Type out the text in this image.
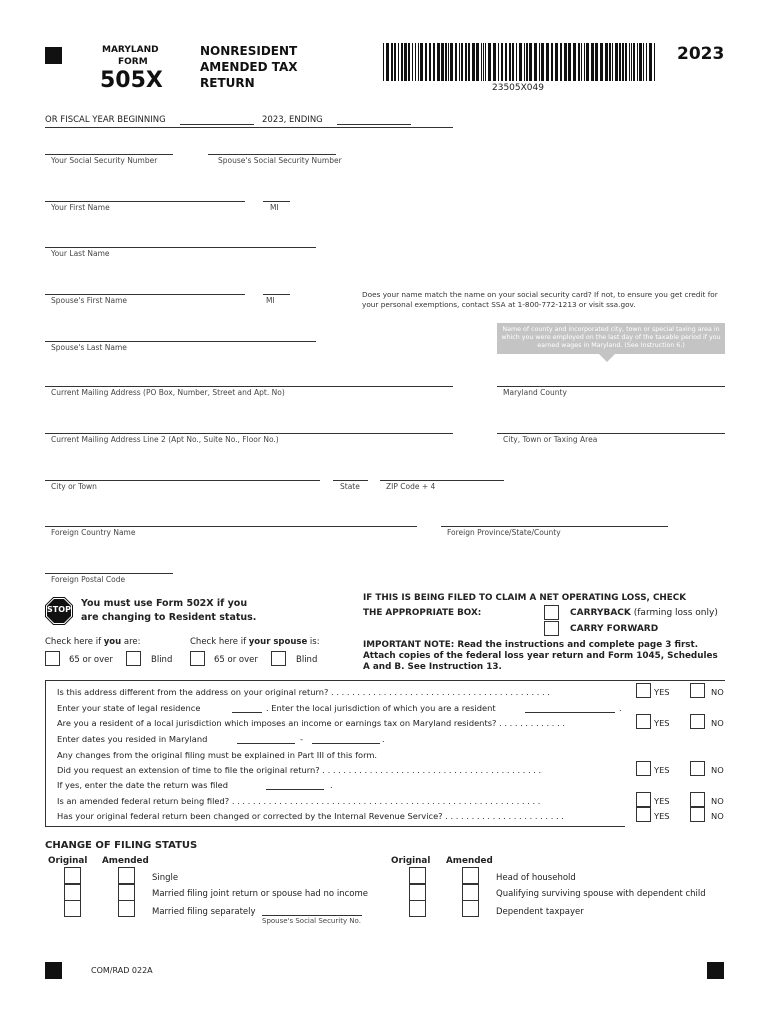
MARYLAND
FORM
505X
NONRESIDENT
AMENDED TAX
RETURN	23505X049
2023
OR FISCAL YEAR BEGINNING	2023, ENDING
Your Social Security Number	Spouse's Social Security Number
Your First Name	MI
Your Last Name
Spouse's First Name	MI
Does your name match the name on your social security card? If not, to ensure you get credit for your personal exemptions, contact SSA at 1-800-772-1213 or visit ssa.gov.
Spouse's Last Name
Name of county and incorporated city, town or special taxing area in which you were employed on the last day of the taxable period if you earned wages in Maryland. (See Instruction 6.)
Current Mailing Address (PO Box, Number, Street and Apt. No)	Maryland County
Current Mailing Address Line 2 (Apt No., Suite No., Floor No.)	City, Town or Taxing Area
City or Town	State	ZIP Code + 4
Foreign Country Name	Foreign Province/State/County
Foreign Postal Code
STOP
You must use Form 502X if you
are changing to Resident status.
IF THIS IS BEING FILED TO CLAIM A NET OPERATING LOSS, CHECK
THE APPROPRIATE BOX:	CARRYBACK (farming loss only)
CARRY FORWARD
IMPORTANT NOTE: Read the instructions and complete page 3 first.
Attach copies of the federal loss year return and Form 1045, Schedules
A and B. See Instruction 13.
Check here if you are:	Check here if your spouse is:
65 or over	Blind	65 or over	Blind
Is this address different from the address on your original return? . . . . . . . . . . . . . . . . . . . . . . . . . . . . . . . . . . . . . . . . . .	YES	NO
Enter your state of legal residence	. Enter the local jurisdiction of which you are a resident	.
Are you a resident of a local jurisdiction which imposes an income or earnings tax on Maryland residents? . . . . . . . . . . . . .	YES	NO
Enter dates you resided in Maryland	-	.
Any changes from the original filing must be explained in Part III of this form.
Did you request an extension of time to file the original return? . . . . . . . . . . . . . . . . . . . . . . . . . . . . . . . . . . . . . . . . . .	YES	NO
If yes, enter the date the return was filed	.
Is an amended federal return being filed? . . . . . . . . . . . . . . . . . . . . . . . . . . . . . . . . . . . . . . . . . . . . . . . . . . . . . . . . . . .	YES	NO
Has your original federal return been changed or corrected by the Internal Revenue Service? . . . . . . . . . . . . . . . . . . . . . . .	YES	NO
CHANGE OF FILING STATUS
Original Amended	Original Amended
Single
Married filing joint return or spouse had no income
Married filing separately
Spouse's Social Security No.
Head of household
Qualifying surviving spouse with dependent child
Dependent taxpayer
COM/RAD 022A
